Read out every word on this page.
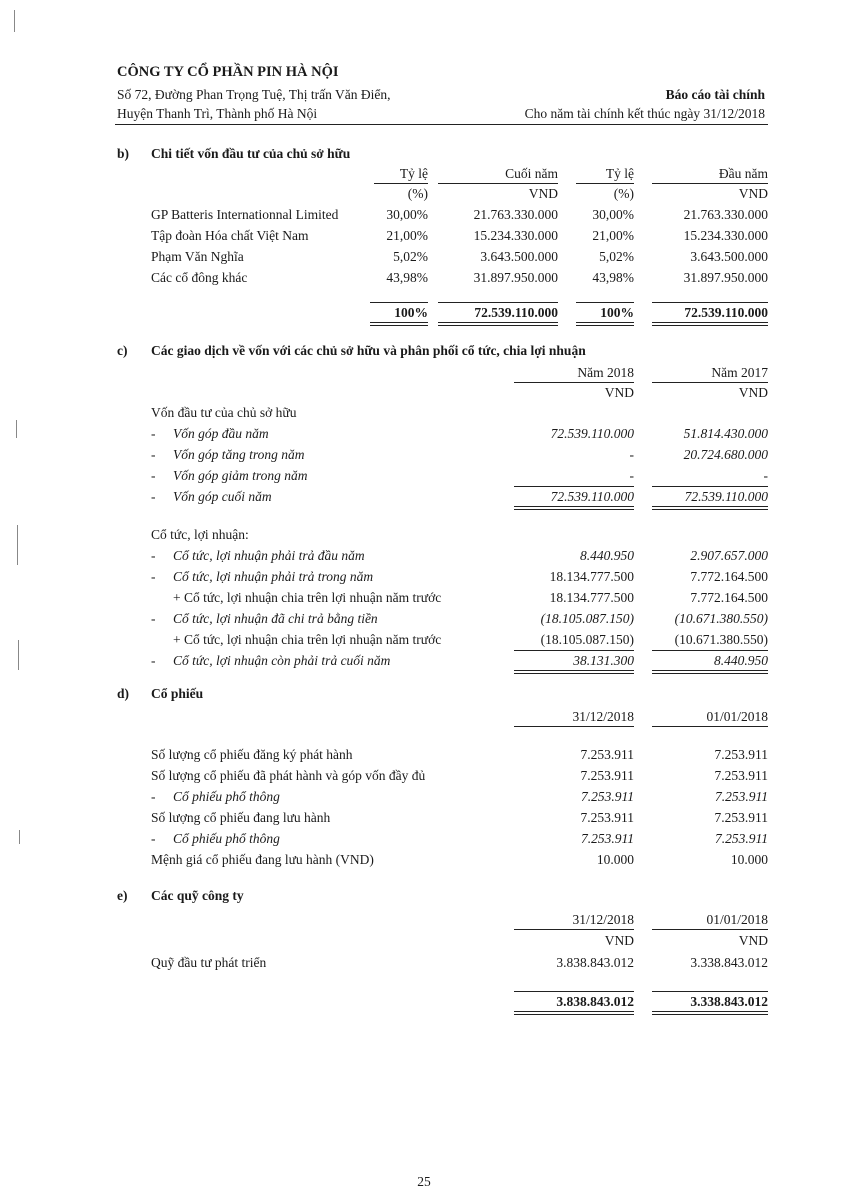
CÔNG TY CỔ PHẦN PIN HÀ NỘI
Số 72, Đường Phan Trọng Tuệ, Thị trấn Văn Điển,
Huyện Thanh Trì, Thành phố Hà Nội
Báo cáo tài chính
Cho năm tài chính kết thúc ngày 31/12/2018
b) Chi tiết vốn đầu tư của chủ sở hữu
Tỷ lệ	Cuối năm	Tỷ lệ	Đầu năm
(%)	VND	(%)	VND
GP Batteris Internationnal Limited	30,00%	21.763.330.000	30,00%	21.763.330.000
Tập đoàn Hóa chất Việt Nam	21,00%	15.234.330.000	21,00%	15.234.330.000
Phạm Văn Nghĩa	5,02%	3.643.500.000	5,02%	3.643.500.000
Các cổ đông khác	43,98%	31.897.950.000	43,98%	31.897.950.000
100%	72.539.110.000	100%	72.539.110.000
c) Các giao dịch về vốn với các chủ sở hữu và phân phối cổ tức, chia lợi nhuận
Năm 2018	Năm 2017
VND	VND
Vốn đầu tư của chủ sở hữu
- Vốn góp đầu năm	72.539.110.000	51.814.430.000
- Vốn góp tăng trong năm	-	20.724.680.000
- Vốn góp giảm trong năm	-	-
- Vốn góp cuối năm	72.539.110.000	72.539.110.000
Cổ tức, lợi nhuận:
- Cổ tức, lợi nhuận phải trả đầu năm	8.440.950	2.907.657.000
- Cổ tức, lợi nhuận phải trả trong năm	18.134.777.500	7.772.164.500
+ Cổ tức, lợi nhuận chia trên lợi nhuận năm trước	18.134.777.500	7.772.164.500
- Cổ tức, lợi nhuận đã chi trả bằng tiền	(18.105.087.150)	(10.671.380.550)
+ Cổ tức, lợi nhuận chia trên lợi nhuận năm trước	(18.105.087.150)	(10.671.380.550)
- Cổ tức, lợi nhuận còn phải trả cuối năm	38.131.300	8.440.950
d) Cổ phiếu
31/12/2018	01/01/2018
Số lượng cổ phiếu đăng ký phát hành	7.253.911	7.253.911
Số lượng cổ phiếu đã phát hành và góp vốn đầy đủ	7.253.911	7.253.911
- Cổ phiếu phổ thông	7.253.911	7.253.911
Số lượng cổ phiếu đang lưu hành	7.253.911	7.253.911
- Cổ phiếu phổ thông	7.253.911	7.253.911
Mệnh giá cổ phiếu đang lưu hành (VND)	10.000	10.000
e) Các quỹ công ty
31/12/2018	01/01/2018
VND	VND
Quỹ đầu tư phát triển	3.838.843.012	3.338.843.012
3.838.843.012	3.338.843.012
25
